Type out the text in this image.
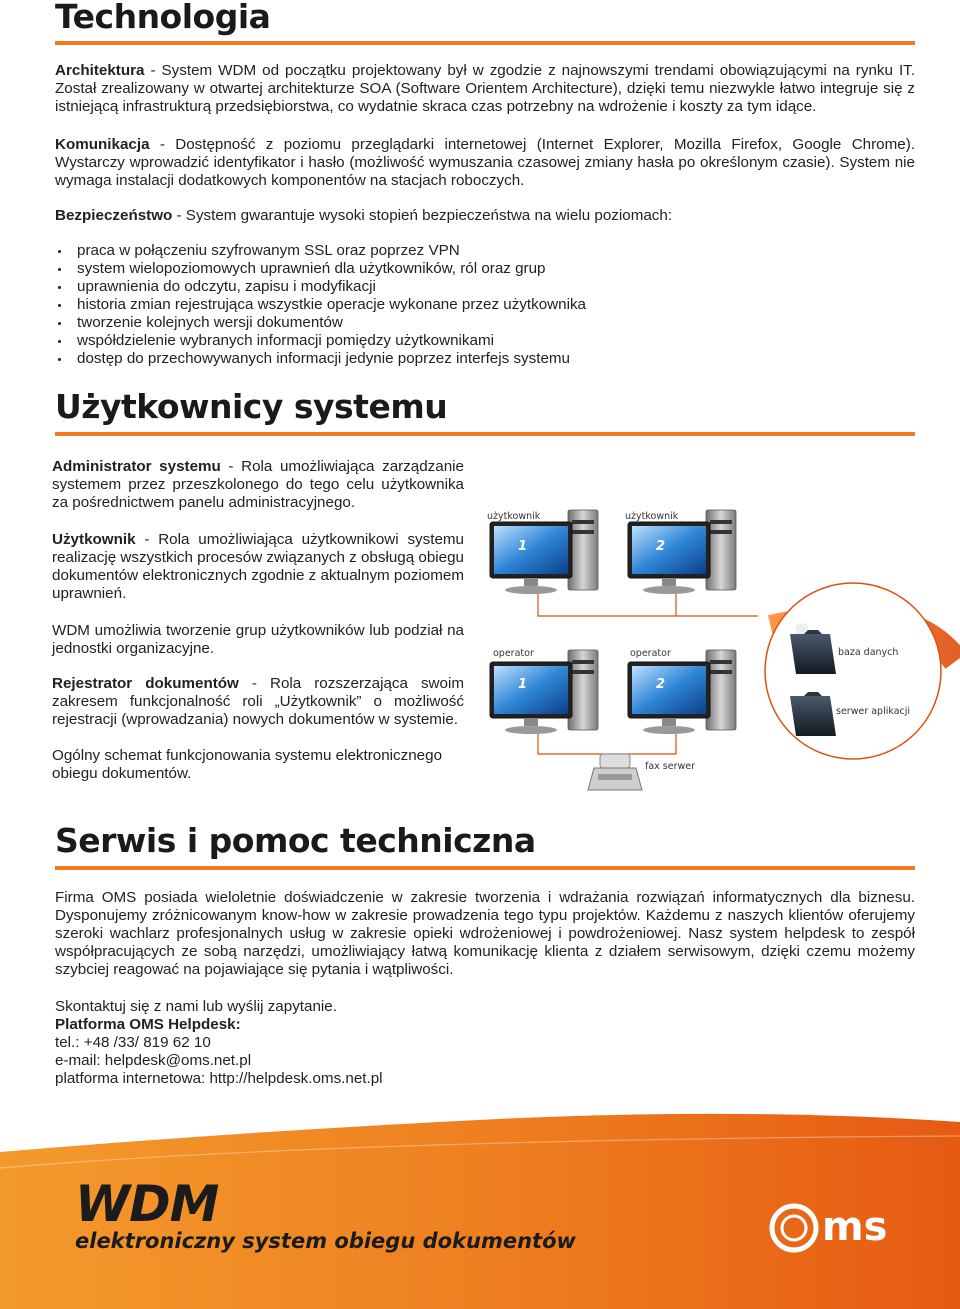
Technologia
Architektura - System WDM od początku projektowany był w zgodzie z najnowszymi trendami obowiązującymi na rynku IT. Został zrealizowany w otwartej architekturze SOA (Software Orientem Architecture), dzięki temu niezwykle łatwo integruje się z istniejącą infrastrukturą przedsiębiorstwa, co wydatnie skraca czas potrzebny na wdrożenie i koszty za tym idące.
Komunikacja - Dostępność z poziomu przeglądarki internetowej (Internet Explorer, Mozilla Firefox, Google Chrome). Wystarczy wprowadzić identyfikator i hasło (możliwość wymuszania czasowej zmiany hasła po określonym czasie). System nie wymaga instalacji dodatkowych komponentów na stacjach roboczych.
Bezpieczeństwo - System gwarantuje wysoki stopień bezpieczeństwa na wielu poziomach:
praca w połączeniu szyfrowanym SSL oraz poprzez VPN
system wielopoziomowych uprawnień dla użytkowników, ról oraz grup
uprawnienia do odczytu, zapisu i modyfikacji
historia zmian rejestrująca wszystkie operacje wykonane przez użytkownika
tworzenie kolejnych wersji dokumentów
współdzielenie wybranych informacji pomiędzy użytkownikami
dostęp do przechowywanych informacji jedynie poprzez interfejs systemu
Użytkownicy systemu
Administrator systemu - Rola umożliwiająca zarządzanie systemem przez przeszkolonego do tego celu użytkownika za pośrednictwem panelu administracyjnego.
Użytkownik - Rola umożliwiająca użytkownikowi systemu realizację wszystkich procesów związanych z obsługą obiegu dokumentów elektronicznych zgodnie z aktualnym poziomem uprawnień.
WDM umożliwia tworzenie grup użytkowników lub podział na jednostki organizacyjne.
Rejestrator dokumentów - Rola rozszerzająca swoim zakresem funkcjonalność roli „Użytkownik” o możliwość rejestracji (wprowadzania) nowych dokumentów w systemie.
Ogólny schemat funkcjonowania systemu elektronicznego obiegu dokumentów.
1	2
1	2
użytkownik	użytkownik
operator	operator	baza danych
serwer aplikacji
fax serwer
Serwis i pomoc techniczna
Firma OMS posiada wieloletnie doświadczenie w zakresie tworzenia i wdrażania rozwiązań informatycznych dla biznesu. Dysponujemy zróżnicowanym know-how w zakresie prowadzenia tego typu projektów. Każdemu z naszych klientów oferujemy szeroki wachlarz profesjonalnych usług w zakresie opieki wdrożeniowej i powdrożeniowej. Nasz system helpdesk to zespół współpracujących ze sobą narzędzi, umożliwiający łatwą komunikację klienta z działem serwisowym, dzięki czemu możemy szybciej reagować na pojawiające się pytania i wątpliwości.
Skontaktuj się z nami lub wyślij zapytanie.
Platforma OMS Helpdesk:
tel.: +48 /33/ 819 62 10
e-mail: helpdesk@oms.net.pl
platforma internetowa: http://helpdesk.oms.net.pl
WDM
elektroniczny system obiegu dokumentów	ms
